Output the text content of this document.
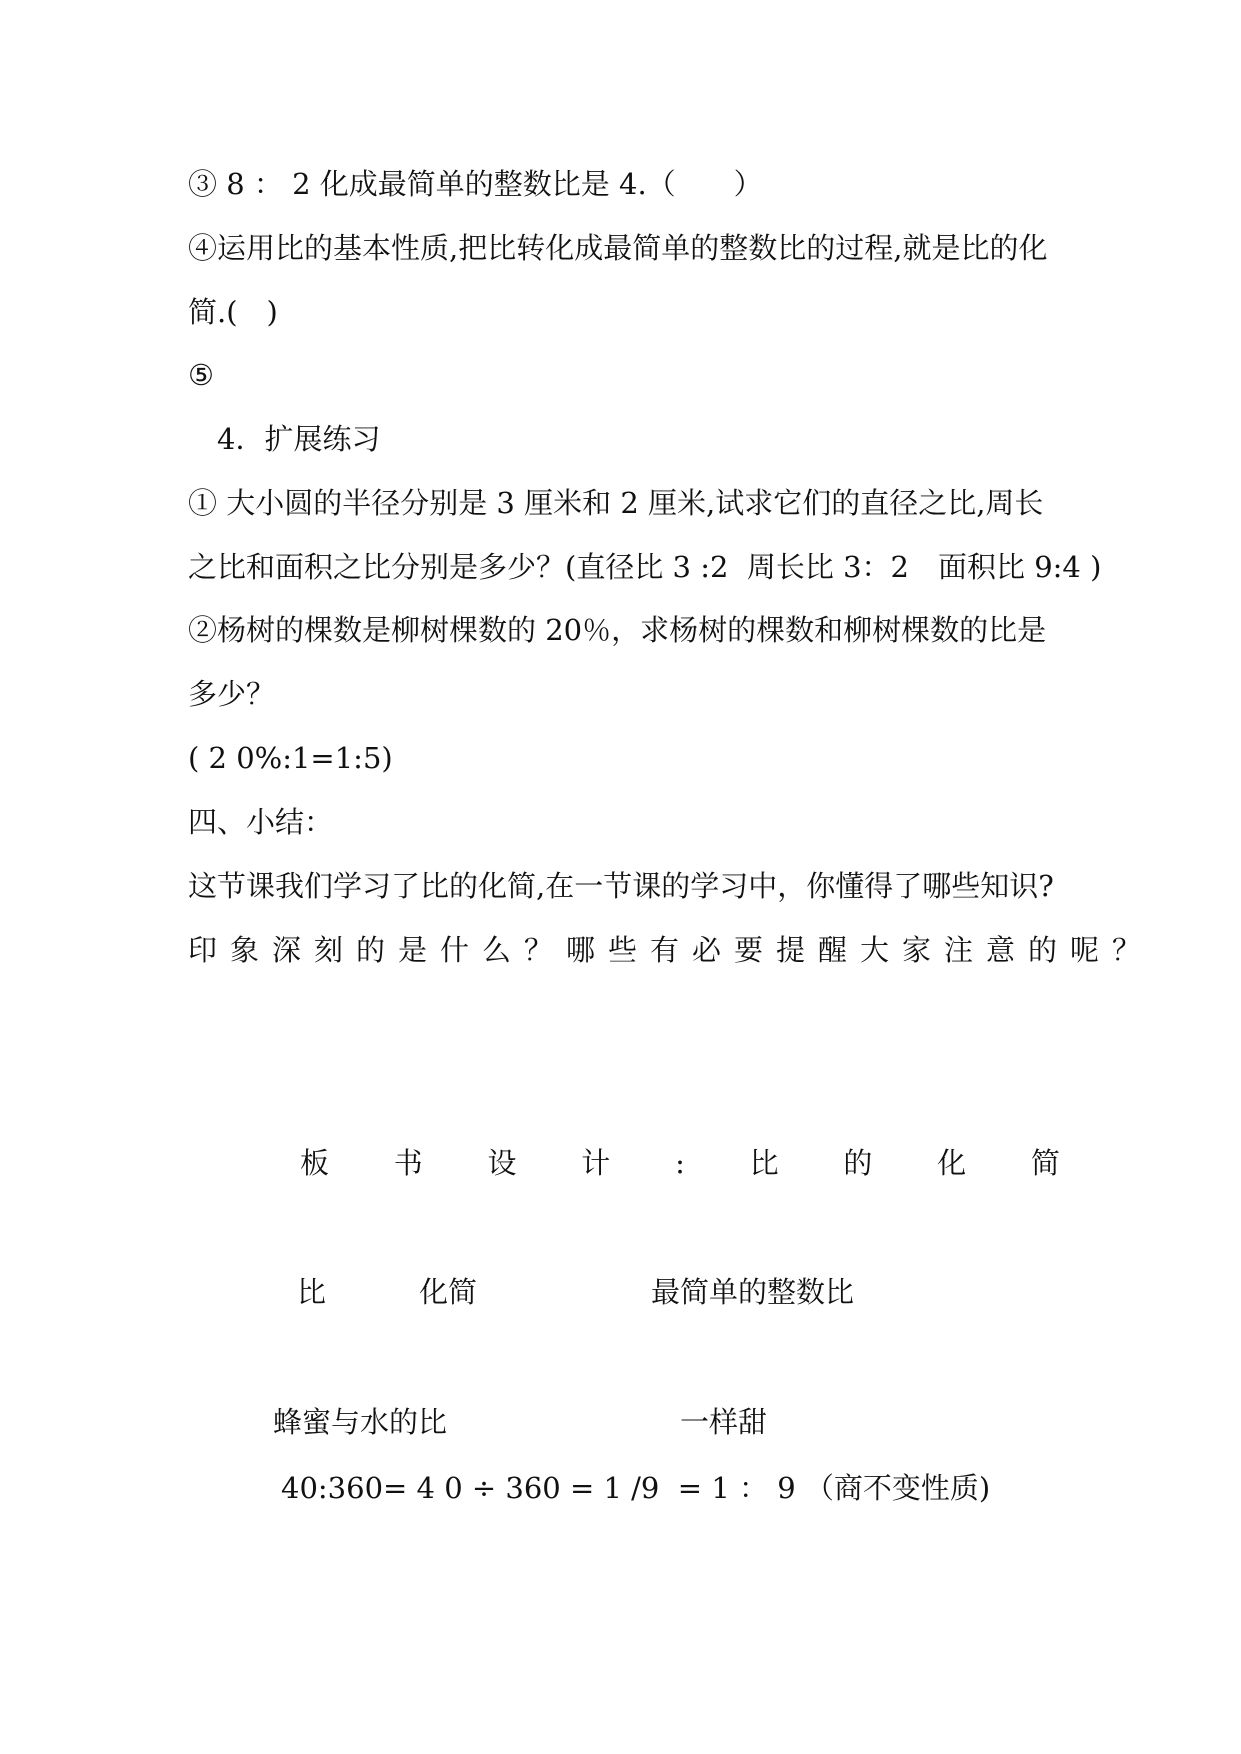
③ 8 ： 2 化成最简单的整数比是 4.（　　）
④运用比的基本性质,把比转化成最简单的整数比的过程,就是比的化
简.(　)
⑤
　4．扩展练习
① 大小圆的半径分别是 3 厘米和 2 厘米,试求它们的直径之比,周长
之比和面积之比分别是多少？(直径比 3 :2  周长比 3：2　面积比 9:4 )
②杨树的棵数是柳树棵数的 20％，求杨树的棵数和柳树棵数的比是
多少？
( 2 0%:1=1:5)
四、小结：
这节课我们学习了比的化简,在一节课的学习中，你懂得了哪些知识?
印象深刻的是什么？哪些有必要提醒大家注意的呢？
板 书 设 计 : 比 的 化 简
比	化简	最简单的整数比
蜂蜜与水的比	一样甜
40:360= 4 0 ÷ 360 = 1 /9  = 1 ： 9 （商不变性质)
